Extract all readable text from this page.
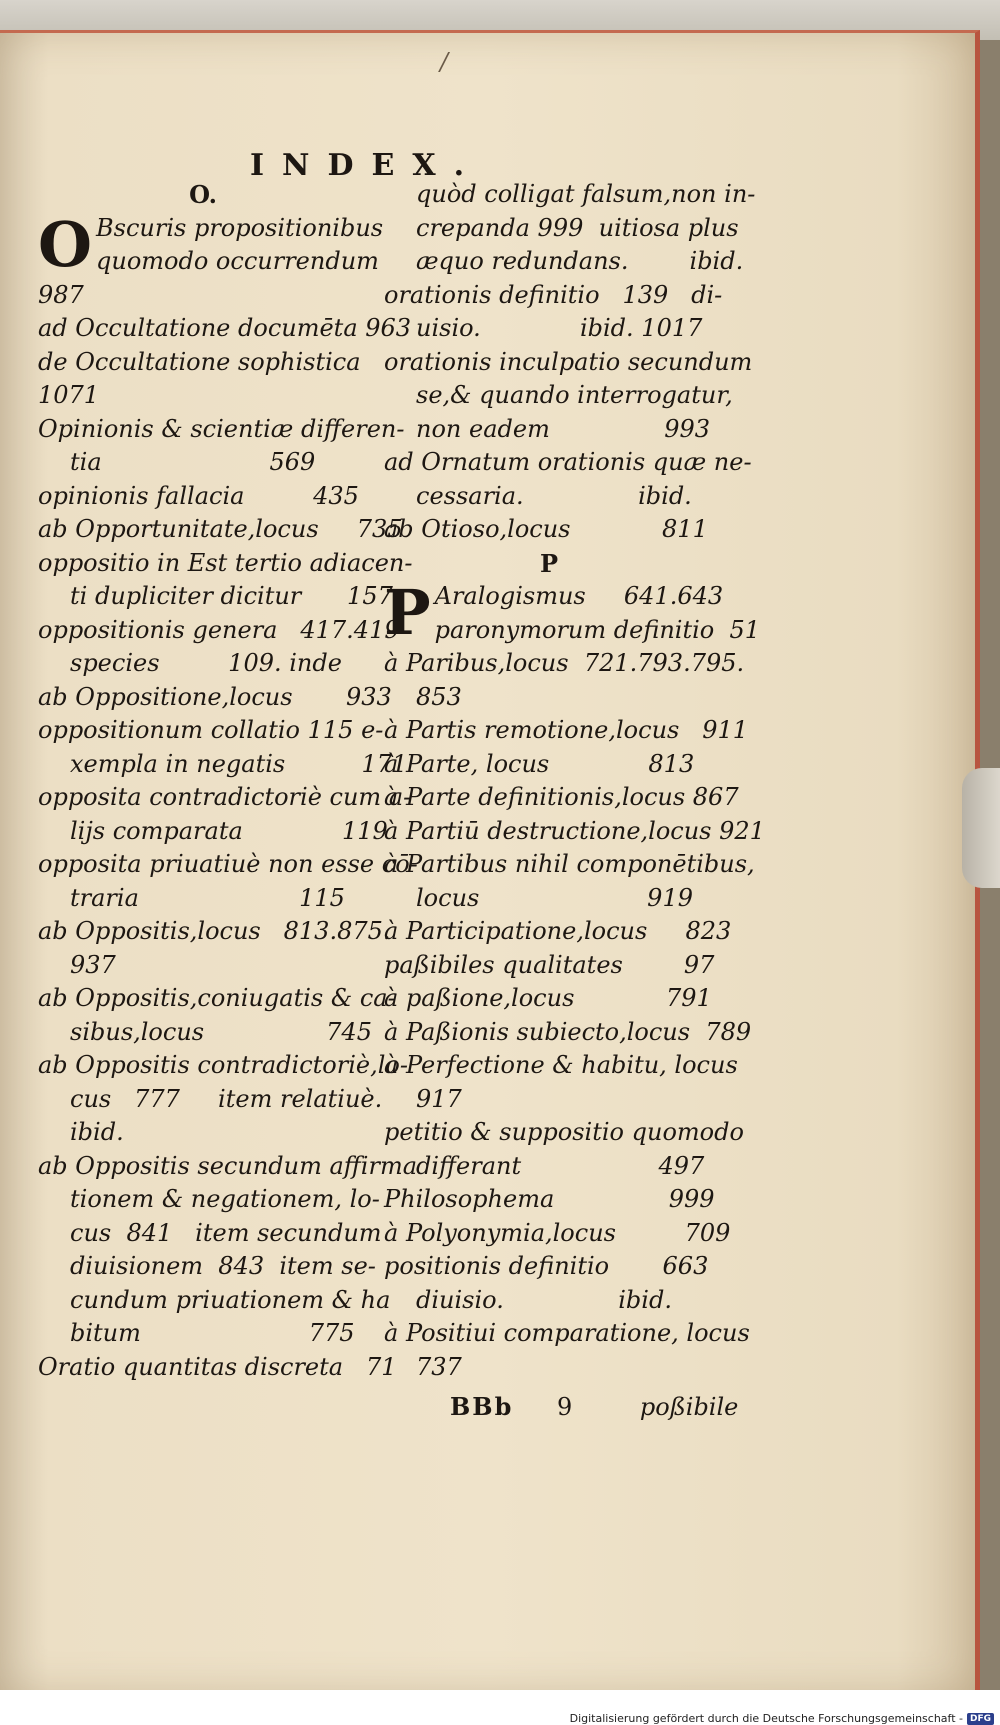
/
INDEX.
O.
O Bscuris propositionibus
quomodo occurrendum
987
ad Occultatione documēta 963
de Occultatione sophistica
1071
Opinionis & scientiæ differen-
tia                      569
opinionis fallacia         435
ab Opportunitate,locus     735
oppositio in Est tertio adiacen-
ti dupliciter dicitur      157
oppositionis genera   417.419
species         109. inde
ab Oppositione,locus       933
oppositionum collatio 115 e-
xempla in negatis          171
opposita contradictoriè cum a-
lijs comparata             119
opposita priuatiuè non esse cō-
traria                     115
ab Oppositis,locus   813.875.
937
ab Oppositis,coniugatis & ca-
sibus,locus                745
ab Oppositis contradictoriè,lo-
cus   777     item relatiuè.
ibid.
ab Oppositis secundum affirma
tionem & negationem, lo-
cus  841   item secundum
diuisionem  843  item se-
cundum priuationem & ha
bitum                      775
Oratio quantitas discreta   71
quòd colligat falsum,non in-
crepanda 999  uitiosa plus
æquo redundans.        ibid.
orationis definitio   139   di-
uisio.             ibid. 1017
orationis inculpatio secundum
se,& quando interrogatur,
non eadem               993
ad Ornatum orationis quæ ne-
cessaria.               ibid.
ab Otioso,locus            811
P
P Aralogismus     641.643
paronymorum definitio  51
à Paribus,locus  721.793.795.
853
à Partis remotione,locus   911
à Parte, locus             813
à Parte definitionis,locus 867
à Partiū destructione,locus 921
à Partibus nihil componētibus,
locus                      919
à Participatione,locus     823
paßibiles qualitates        97
à paßione,locus            791
à Paßionis subiecto,locus  789
à Perfectione & habitu, locus
917
petitio & suppositio quomodo
differant                  497
Philosophema               999
à Polyonymia,locus         709
positionis definitio       663
diuisio.               ibid.
à Positiui comparatione, locus
737
BBb 9	poßibile
Digitalisierung gefördert durch die Deutsche Forschungsgemeinschaft - DFG
